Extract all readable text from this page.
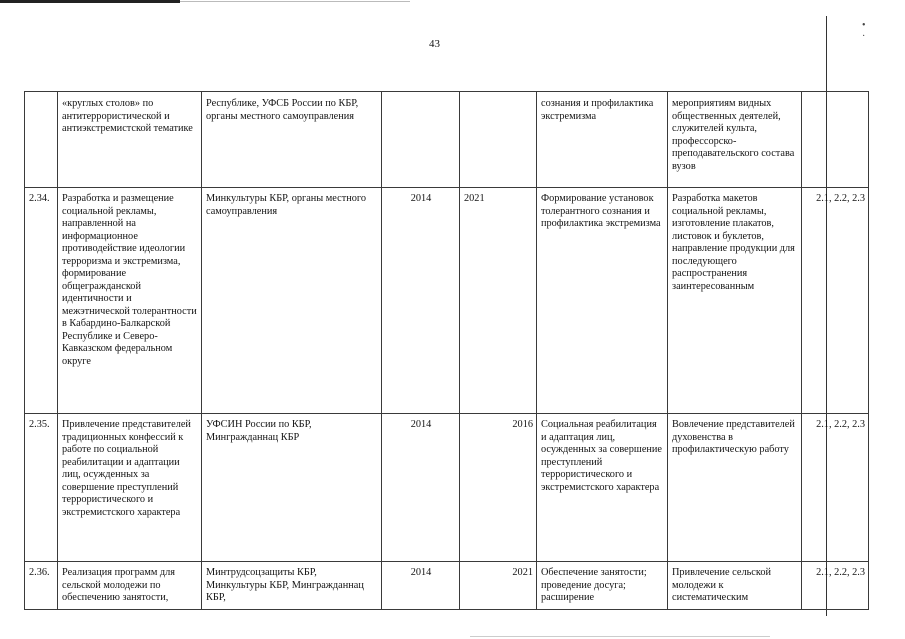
43
• ·
	«круглых столов» по антитеррористической и антиэкстремистской тематике	Республике, УФСБ России по КБР, органы местного самоуправления			сознания и профилактика экстремизма	мероприятиям видных общественных деятелей, служителей культа, профессорско-преподавательского состава вузов	
2.34.	Разработка и размещение социальной рекламы, направленной на информационное противодействие идеологии терроризма и экстремизма, формирование общегражданской идентичности и межэтнической толерантности в Кабардино-Балкарской Республике и Северо-Кавказском федеральном округе	Минкультуры КБР, органы местного самоуправления	2014	2021	Формирование установок толерантного сознания и профилактика экстремизма	Разработка макетов социальной рекламы, изготовление плакатов, листовок и буклетов, направление продукции для последующего распространения заинтересованным	2.1, 2.2, 2.3
2.35.	Привлечение представителей традиционных конфессий к работе по социальной реабилитации и адаптации лиц, осужденных за совершение преступлений террористического и экстремистского характера	УФСИН России по КБР, Мингражданнац КБР	2014	2016	Социальная реабилитация и адаптация лиц, осужденных за совершение преступлений террористического и экстремистского характера	Вовлечение представителей духовенства в профилактическую работу	2.1, 2.2, 2.3
2.36.	Реализация программ для сельской молодежи по обеспечению занятости,	Минтрудсоцзащиты КБР, Минкультуры КБР, Мингражданнац КБР,	2014	2021	Обеспечение занятости; проведение досуга; расширение	Привлечение сельской молодежи к систематическим	2.1, 2.2, 2.3
